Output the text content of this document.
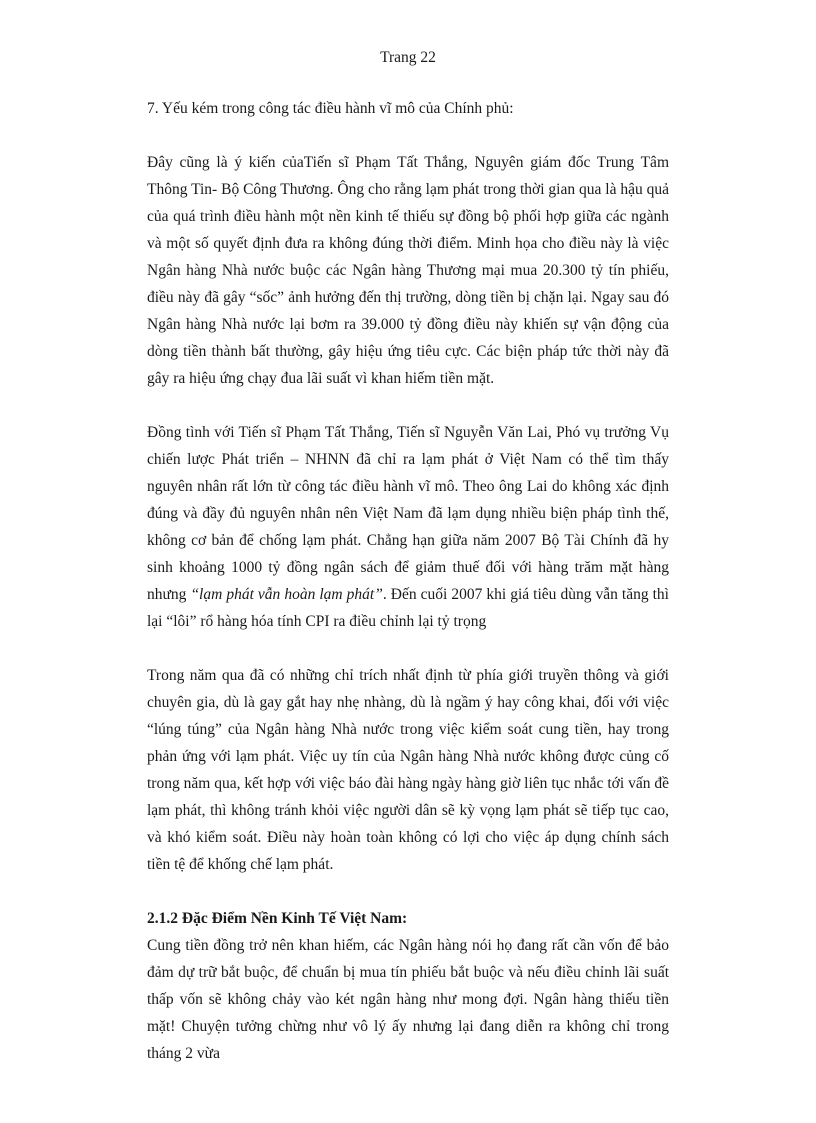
Trang 22

7. Yếu kém trong công tác điều hành vĩ mô của Chính phủ:

Đây cũng là ý kiến củaTiến sĩ Phạm Tất Thắng, Nguyên giám đốc Trung Tâm Thông Tin- Bộ Công Thương. Ông cho rằng lạm phát trong thời gian qua là hậu quả của quá trình điều hành một nền kinh tế thiếu sự đồng bộ phối hợp giữa các ngành và một số quyết định đưa ra không đúng thời điểm. Minh họa cho điều này là việc Ngân hàng Nhà nước buộc các Ngân hàng Thương mại mua 20.300 tỷ tín phiếu, điều này đã gây “sốc” ảnh hưởng đến thị trường, dòng tiền bị chặn lại. Ngay sau đó Ngân hàng Nhà nước lại bơm ra 39.000 tỷ đồng điều này khiến sự vận động của dòng tiền thành bất thường, gây hiệu ứng tiêu cực. Các biện pháp tức thời này đã gây ra hiệu ứng chạy đua lãi suất vì khan hiếm tiền mặt.

Đồng tình với Tiến sĩ Phạm Tất Thắng, Tiến sĩ Nguyễn Văn Lai, Phó vụ trưởng Vụ chiến lược Phát triển – NHNN đã chỉ ra lạm phát ở Việt Nam có thể tìm thấy nguyên nhân rất lớn từ công tác điều hành vĩ mô. Theo ông Lai do không xác định đúng và đầy đủ nguyên nhân nên Việt Nam đã lạm dụng nhiều biện pháp tình thế, không cơ bản để chống lạm phát. Chẳng hạn giữa năm 2007 Bộ Tài Chính đã hy sinh khoảng 1000 tỷ đồng ngân sách để giảm thuế đối với hàng trăm mặt hàng nhưng “lạm phát vẫn hoàn lạm phát”. Đến cuối 2007 khi giá tiêu dùng vẫn tăng thì lại “lôi” rổ hàng hóa tính CPI ra điều chỉnh lại tỷ trọng

Trong năm qua đã có những chỉ trích nhất định từ phía giới truyền thông và giới chuyên gia, dù là gay gắt hay nhẹ nhàng, dù là ngầm ý hay công khai, đối với việc “lúng túng” của Ngân hàng Nhà nước trong việc kiểm soát cung tiền, hay trong phản ứng với lạm phát. Việc uy tín của Ngân hàng Nhà nước không được củng cố trong năm qua, kết hợp với việc báo đài hàng ngày hàng giờ liên tục nhắc tới vấn đề lạm phát, thì không tránh khỏi việc người dân sẽ kỳ vọng lạm phát sẽ tiếp tục cao, và khó kiểm soát. Điều này hoàn toàn không có lợi cho việc áp dụng chính sách tiền tệ để khống chế lạm phát.

2.1.2 Đặc Điểm Nền Kinh Tế Việt Nam:

Cung tiền đồng trở nên khan hiếm, các Ngân hàng nói họ đang rất cần vốn để bảo đảm dự trữ bắt buộc, để chuẩn bị mua tín phiếu bắt buộc và nếu điều chỉnh lãi suất thấp vốn sẽ không chảy vào két ngân hàng như mong đợi. Ngân hàng thiếu tiền mặt! Chuyện tưởng chừng như vô lý ấy nhưng lại đang diễn ra không chỉ trong tháng 2 vừa
